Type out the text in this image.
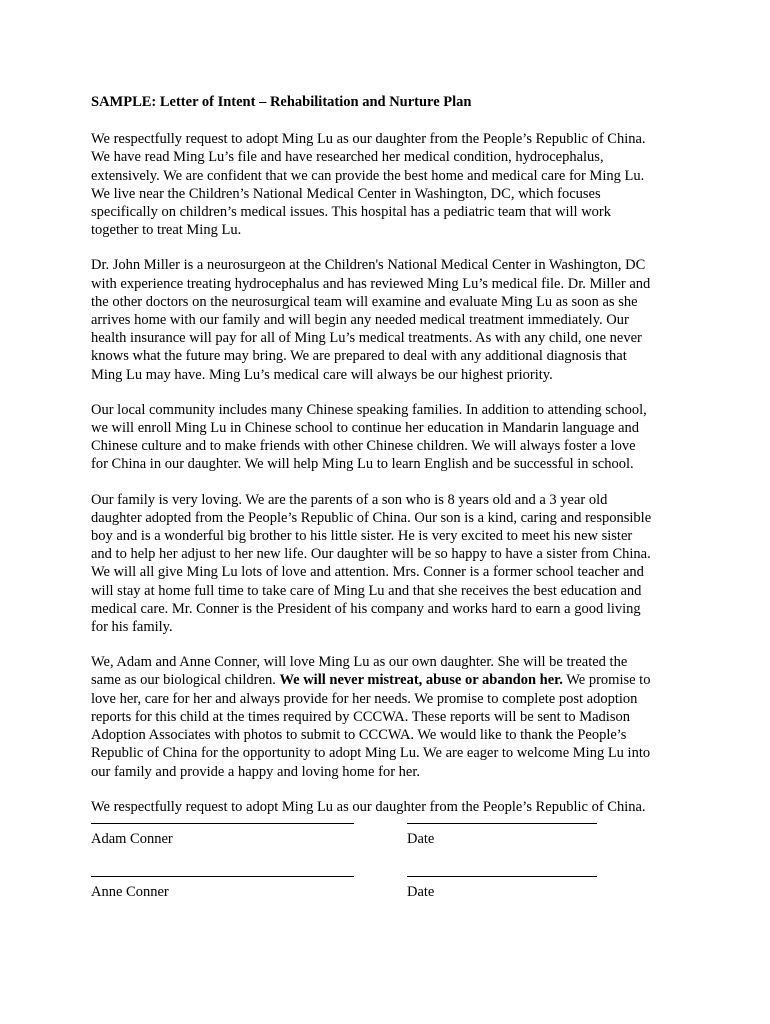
SAMPLE: Letter of Intent – Rehabilitation and Nurture Plan
We respectfully request to adopt Ming Lu as our daughter from the People’s Republic of China.
We have read Ming Lu’s file and have researched her medical condition, hydrocephalus,
extensively. We are confident that we can provide the best home and medical care for Ming Lu.
We live near the Children’s National Medical Center in Washington, DC, which focuses
specifically on children’s medical issues. This hospital has a pediatric team that will work
together to treat Ming Lu.
Dr. John Miller is a neurosurgeon at the Children's National Medical Center in Washington, DC
with experience treating hydrocephalus and has reviewed Ming Lu’s medical file. Dr. Miller and
the other doctors on the neurosurgical team will examine and evaluate Ming Lu as soon as she
arrives home with our family and will begin any needed medical treatment immediately. Our
health insurance will pay for all of Ming Lu’s medical treatments. As with any child, one never
knows what the future may bring. We are prepared to deal with any additional diagnosis that
Ming Lu may have. Ming Lu’s medical care will always be our highest priority.
Our local community includes many Chinese speaking families. In addition to attending school,
we will enroll Ming Lu in Chinese school to continue her education in Mandarin language and
Chinese culture and to make friends with other Chinese children. We will always foster a love
for China in our daughter. We will help Ming Lu to learn English and be successful in school.
Our family is very loving. We are the parents of a son who is 8 years old and a 3 year old
daughter adopted from the People’s Republic of China. Our son is a kind, caring and responsible
boy and is a wonderful big brother to his little sister. He is very excited to meet his new sister
and to help her adjust to her new life. Our daughter will be so happy to have a sister from China.
We will all give Ming Lu lots of love and attention. Mrs. Conner is a former school teacher and
will stay at home full time to take care of Ming Lu and that she receives the best education and
medical care. Mr. Conner is the President of his company and works hard to earn a good living
for his family.
We, Adam and Anne Conner, will love Ming Lu as our own daughter. She will be treated the
same as our biological children. We will never mistreat, abuse or abandon her. We promise to
love her, care for her and always provide for her needs. We promise to complete post adoption
reports for this child at the times required by CCCWA. These reports will be sent to Madison
Adoption Associates with photos to submit to CCCWA. We would like to thank the People’s
Republic of China for the opportunity to adopt Ming Lu. We are eager to welcome Ming Lu into
our family and provide a happy and loving home for her.
We respectfully request to adopt Ming Lu as our daughter from the People’s Republic of China.
Adam Conner	Date
Anne Conner	Date
